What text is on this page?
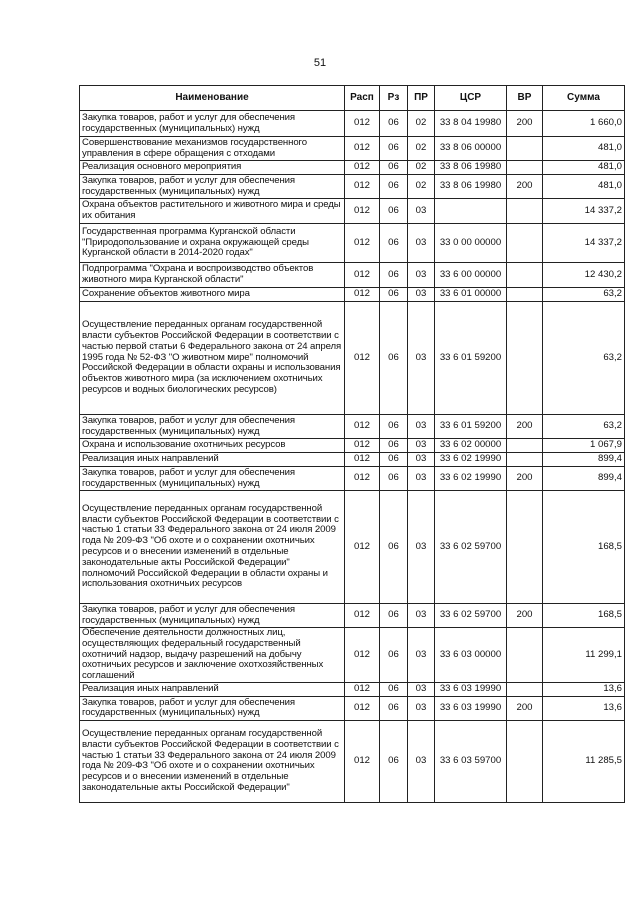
51
Наименование	Расп	Рз	ПР	ЦСР	ВР	Сумма
Закупка товаров, работ и услуг для обеспечения государственных (муниципальных) нужд	012	06	02	33 8 04 19980	200	1 660,0
Совершенствование механизмов государственного управления в сфере обращения с отходами	012	06	02	33 8 06 00000		481,0
Реализация основного мероприятия	012	06	02	33 8 06 19980		481,0
Закупка товаров, работ и услуг для обеспечения государственных (муниципальных) нужд	012	06	02	33 8 06 19980	200	481,0
Охрана объектов растительного и животного мира и среды их обитания	012	06	03			14 337,2
Государственная программа Курганской области "Природопользование и охрана окружающей среды Курганской области в 2014-2020 годах"	012	06	03	33 0 00 00000		14 337,2
Подпрограмма "Охрана и воспроизводство объектов животного мира Курганской области"	012	06	03	33 6 00 00000		12 430,2
Сохранение объектов животного мира	012	06	03	33 6 01 00000		63,2
Осуществление переданных органам государственной власти субъектов Российской Федерации в соответствии с частью первой статьи 6 Федерального закона от 24 апреля 1995 года № 52-ФЗ "О животном мире" полномочий Российской Федерации в области охраны и использования объектов животного мира (за исключением охотничьих ресурсов и водных биологических ресурсов)	012	06	03	33 6 01 59200		63,2
Закупка товаров, работ и услуг для обеспечения государственных (муниципальных) нужд	012	06	03	33 6 01 59200	200	63,2
Охрана и использование охотничьих ресурсов	012	06	03	33 6 02 00000		1 067,9
Реализация иных направлений	012	06	03	33 6 02 19990		899,4
Закупка товаров, работ и услуг для обеспечения государственных (муниципальных) нужд	012	06	03	33 6 02 19990	200	899,4
Осуществление переданных органам государственной власти субъектов Российской Федерации в соответствии с частью 1 статьи 33 Федерального закона от 24 июля 2009 года № 209-ФЗ "Об охоте и о сохранении охотничьих ресурсов и о внесении изменений в отдельные законодательные акты Российской Федерации" полномочий Российской Федерации в области охраны и использования охотничьих ресурсов	012	06	03	33 6 02 59700		168,5
Закупка товаров, работ и услуг для обеспечения государственных (муниципальных) нужд	012	06	03	33 6 02 59700	200	168,5
Обеспечение деятельности должностных лиц, осуществляющих федеральный государственный охотничий надзор, выдачу разрешений на добычу охотничьих ресурсов и заключение охотхозяйственных соглашений	012	06	03	33 6 03 00000		11 299,1
Реализация иных направлений	012	06	03	33 6 03 19990		13,6
Закупка товаров, работ и услуг для обеспечения государственных (муниципальных) нужд	012	06	03	33 6 03 19990	200	13,6
Осуществление переданных органам государственной власти субъектов Российской Федерации в соответствии с частью 1 статьи 33 Федерального закона от 24 июля 2009 года № 209-ФЗ "Об охоте и о сохранении охотничьих ресурсов и о внесении изменений в отдельные законодательные акты Российской Федерации"	012	06	03	33 6 03 59700		11 285,5
